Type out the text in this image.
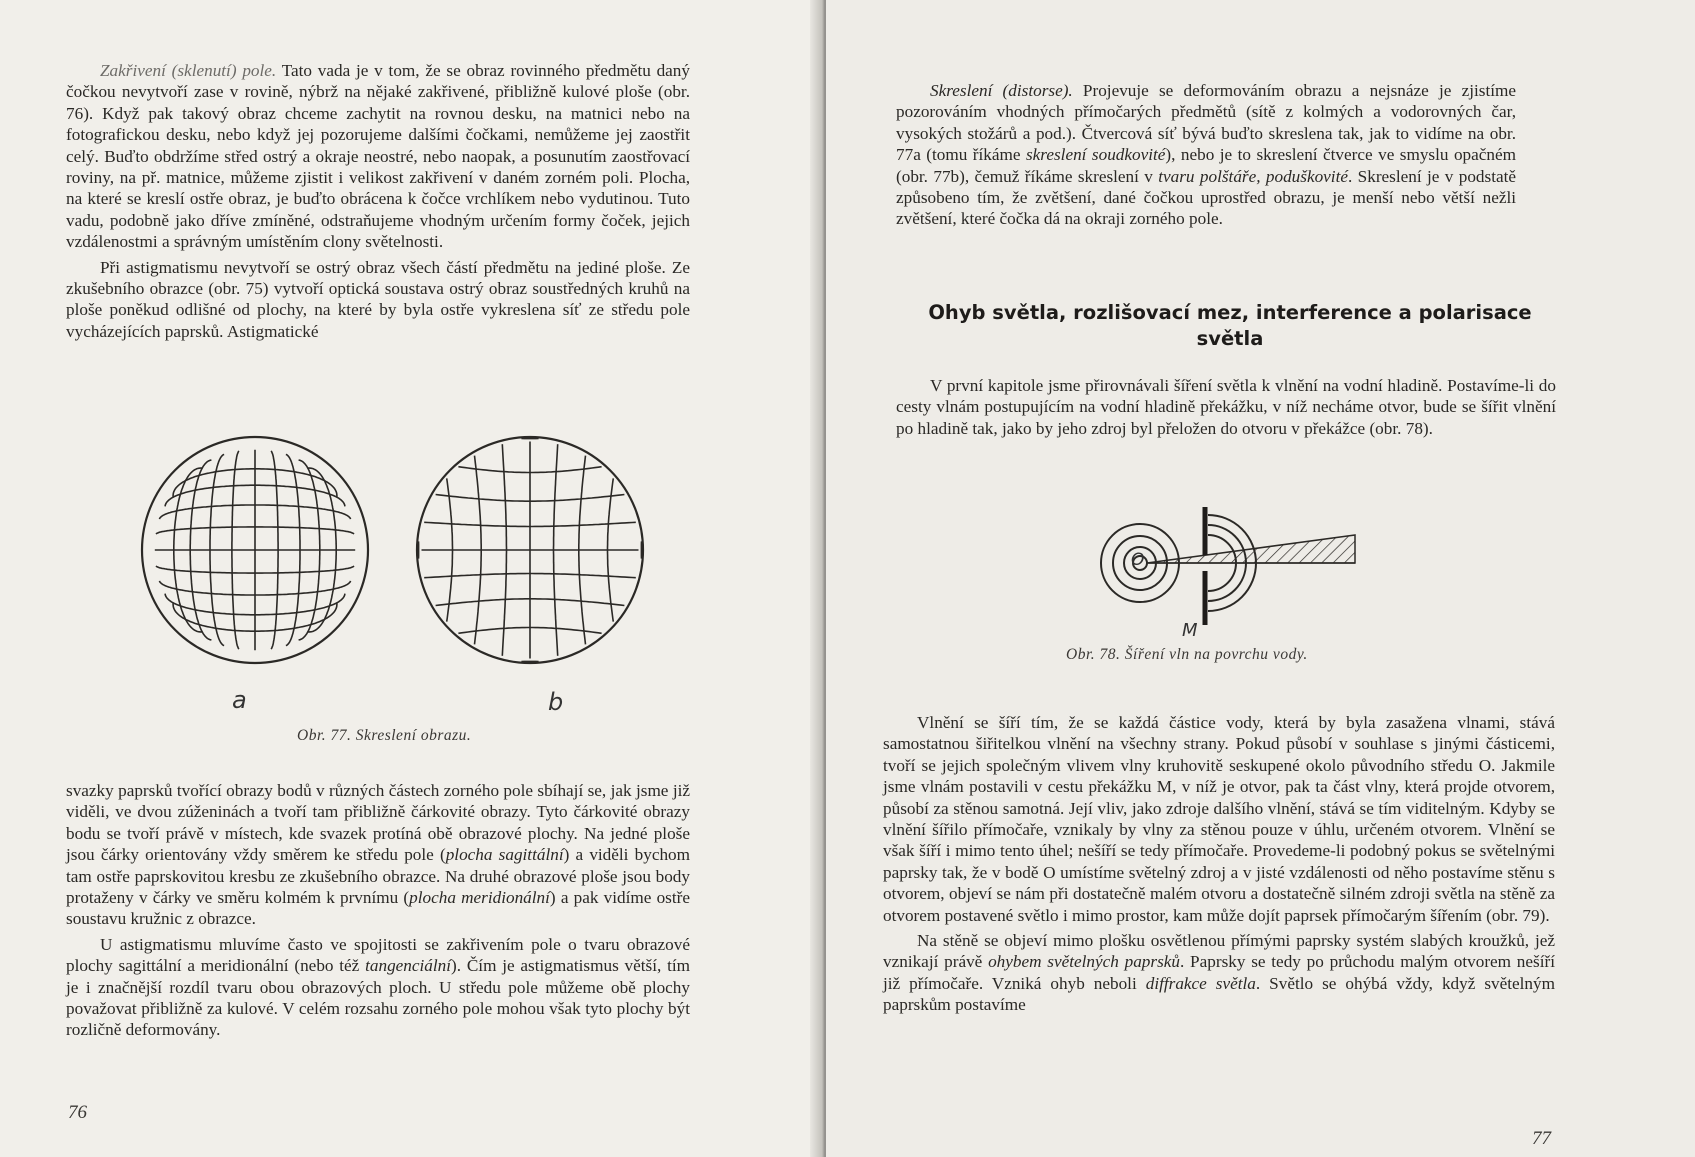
Zakřivení (sklenutí) pole. Tato vada je v tom, že se obraz rovinného předmětu daný čočkou nevytvoří zase v rovině, nýbrž na nějaké zakřivené, přibližně kulové ploše (obr. 76). Když pak takový obraz chceme zachytit na rovnou desku, na matnici nebo na fotografickou desku, nebo když jej pozorujeme dalšími čočkami, nemůžeme jej zaostřit celý. Buďto obdržíme střed ostrý a okraje neostré, nebo naopak, a posunutím zaostřovací roviny, na př. matnice, můžeme zjistit i velikost zakřivení v daném zorném poli. Plocha, na které se kreslí ostře obraz, je buďto obrácena k čočce vrchlíkem nebo vydutinou. Tuto vadu, podobně jako dříve zmíněné, odstraňujeme vhodným určením formy čoček, jejich vzdálenostmi a správným umístěním clony světelnosti.

Při astigmatismu nevytvoří se ostrý obraz všech částí předmětu na jediné ploše. Ze zkušebního obrazce (obr. 75) vytvoří optická soustava ostrý obraz soustředných kruhů na ploše poněkud odlišné od plochy, na které by byla ostře vykreslena síť ze středu pole vycházejících paprsků. Astigmatické

a	b
Obr. 77. Skreslení obrazu.

svazky paprsků tvořící obrazy bodů v různých částech zorného pole sbíhají se, jak jsme již viděli, ve dvou zúženinách a tvoří tam přibližně čárkovité obrazy. Tyto čárkovité obrazy bodu se tvoří právě v místech, kde svazek protíná obě obrazové plochy. Na jedné ploše jsou čárky orientovány vždy směrem ke středu pole (plocha sagittální) a viděli bychom tam ostře paprskovitou kresbu ze zkušebního obrazce. Na druhé obrazové ploše jsou body protaženy v čárky ve směru kolmém k prvnímu (plocha meridionální) a pak vidíme ostře soustavu kružnic z obrazce.

U astigmatismu mluvíme často ve spojitosti se zakřivením pole o tvaru obrazové plochy sagittální a meridionální (nebo též tangenciální). Čím je astigmatismus větší, tím je i značnější rozdíl tvaru obou obrazových ploch. U středu pole můžeme obě plochy považovat přibližně za kulové. V celém rozsahu zorného pole mohou však tyto plochy být rozličně deformovány.

76

Skreslení (distorse). Projevuje se deformováním obrazu a nejsnáze je zjistíme pozorováním vhodných přímočarých předmětů (sítě z kolmých a vodorovných čar, vysokých stožárů a pod.). Čtvercová síť bývá buďto skreslena tak, jak to vidíme na obr. 77a (tomu říkáme skreslení soudkovité), nebo je to skreslení čtverce ve smyslu opačném (obr. 77b), čemuž říkáme skreslení v tvaru polštáře, poduškovité. Skreslení je v podstatě způsobeno tím, že zvětšení, dané čočkou uprostřed obrazu, je menší nebo větší nežli zvětšení, které čočka dá na okraji zorného pole.

Ohyb světla, rozlišovací mez, interference a polarisace světla

V první kapitole jsme přirovnávali šíření světla k vlnění na vodní hladině. Postavíme-li do cesty vlnám postupujícím na vodní hladině překážku, v níž necháme otvor, bude se šířit vlnění po hladině tak, jako by jeho zdroj byl přeložen do otvoru v překážce (obr. 78).

O
M
Obr. 78. Šíření vln na povrchu vody.

Vlnění se šíří tím, že se každá částice vody, která by byla zasažena vlnami, stává samostatnou šiřitelkou vlnění na všechny strany. Pokud působí v souhlase s jinými částicemi, tvoří se jejich společným vlivem vlny kruhovitě seskupené okolo původního středu O. Jakmile jsme vlnám postavili v cestu překážku M, v níž je otvor, pak ta část vlny, která projde otvorem, působí za stěnou samotná. Její vliv, jako zdroje dalšího vlnění, stává se tím viditelným. Kdyby se vlnění šířilo přímočaře, vznikaly by vlny za stěnou pouze v úhlu, určeném otvorem. Vlnění se však šíří i mimo tento úhel; nešíří se tedy přímočaře. Provedeme-li podobný pokus se světelnými paprsky tak, že v bodě O umístíme světelný zdroj a v jisté vzdálenosti od něho postavíme stěnu s otvorem, objeví se nám při dostatečně malém otvoru a dostatečně silném zdroji světla na stěně za otvorem postavené světlo i mimo prostor, kam může dojít paprsek přímočarým šířením (obr. 79).

Na stěně se objeví mimo plošku osvětlenou přímými paprsky systém slabých kroužků, jež vznikají právě ohybem světelných paprsků. Paprsky se tedy po průchodu malým otvorem nešíří již přímočaře. Vzniká ohyb neboli diffrakce světla. Světlo se ohýbá vždy, když světelným paprskům postavíme

77
